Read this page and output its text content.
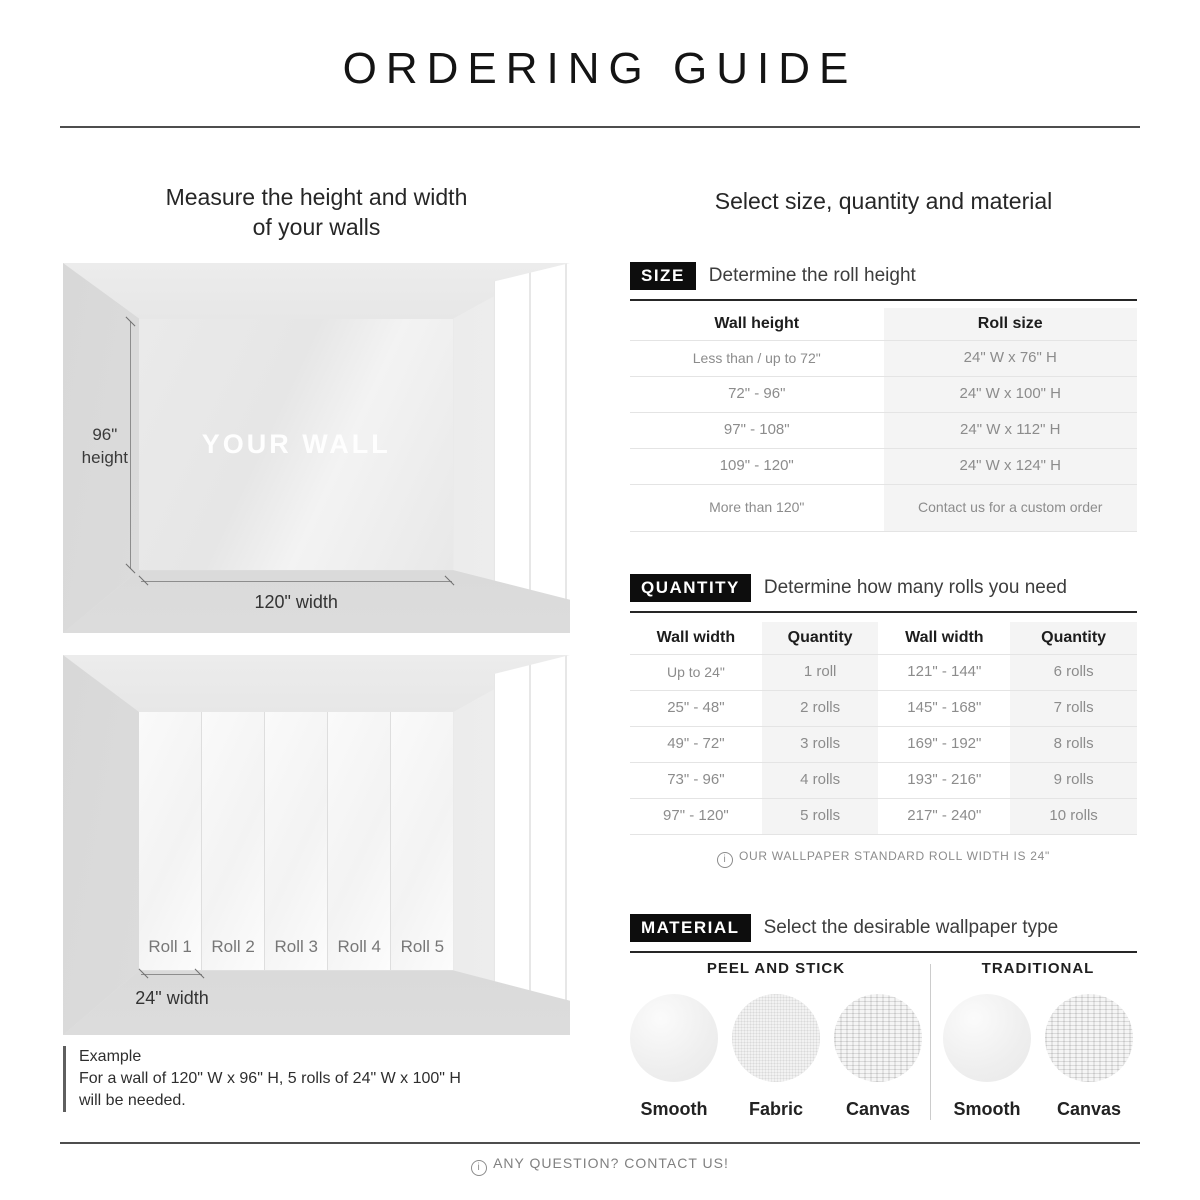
ORDERING GUIDE
Measure the height and width
of your walls
YOUR WALL
96"
height
120" width
Roll 1 Roll 2 Roll 3 Roll 4 Roll 5
24" width
Example
For a wall of 120" W x 96" H, 5 rolls of 24" W x 100" H
will be needed.
Select size, quantity and material
SIZE	Determine the roll height
Wall height	Roll size
Less than / up to 72"	24" W x 76" H
72" - 96"	24" W x 100" H
97" - 108"	24" W x 112" H
109" - 120"	24" W x 124" H
More than 120"	Contact us for a custom order
QUANTITY	Determine how many rolls you need
Wall width	Quantity	Wall width	Quantity
Up to 24"	1 roll	121" - 144"	6 rolls
25" - 48"	2 rolls	145" - 168"	7 rolls
49" - 72"	3 rolls	169" - 192"	8 rolls
73" - 96"	4 rolls	193" - 216"	9 rolls
97" - 120"	5 rolls	217" - 240"	10 rolls
i OUR WALLPAPER STANDARD ROLL WIDTH IS 24"
MATERIAL	Select the desirable wallpaper type
PEEL AND STICK
Smooth Fabric Canvas
TRADITIONAL
Smooth Canvas
i ANY QUESTION? CONTACT US!
